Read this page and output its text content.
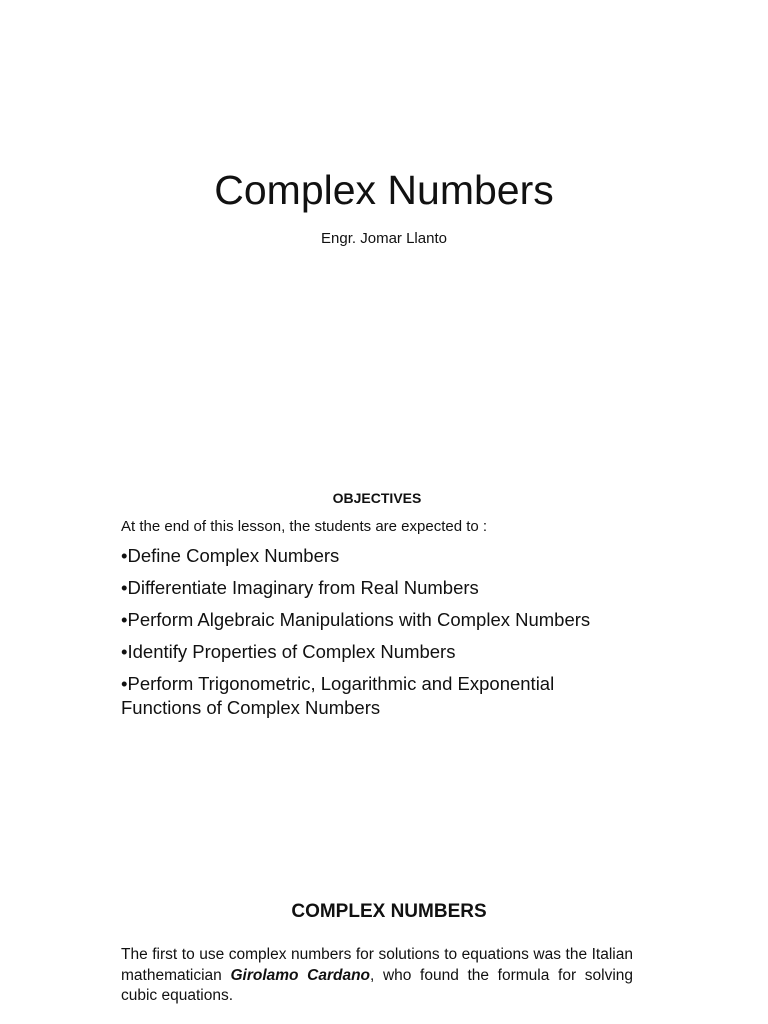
Complex Numbers
Engr. Jomar Llanto
OBJECTIVES
At the end of this lesson, the students are expected to :
•Define Complex Numbers
•Differentiate Imaginary from Real Numbers
•Perform Algebraic Manipulations with Complex Numbers
•Identify Properties of Complex Numbers
•Perform Trigonometric, Logarithmic and Exponential Functions of Complex Numbers
COMPLEX NUMBERS

The first to use complex numbers for solutions to equations was the Italian mathematician Girolamo Cardano, who found the formula for solving cubic equations.
